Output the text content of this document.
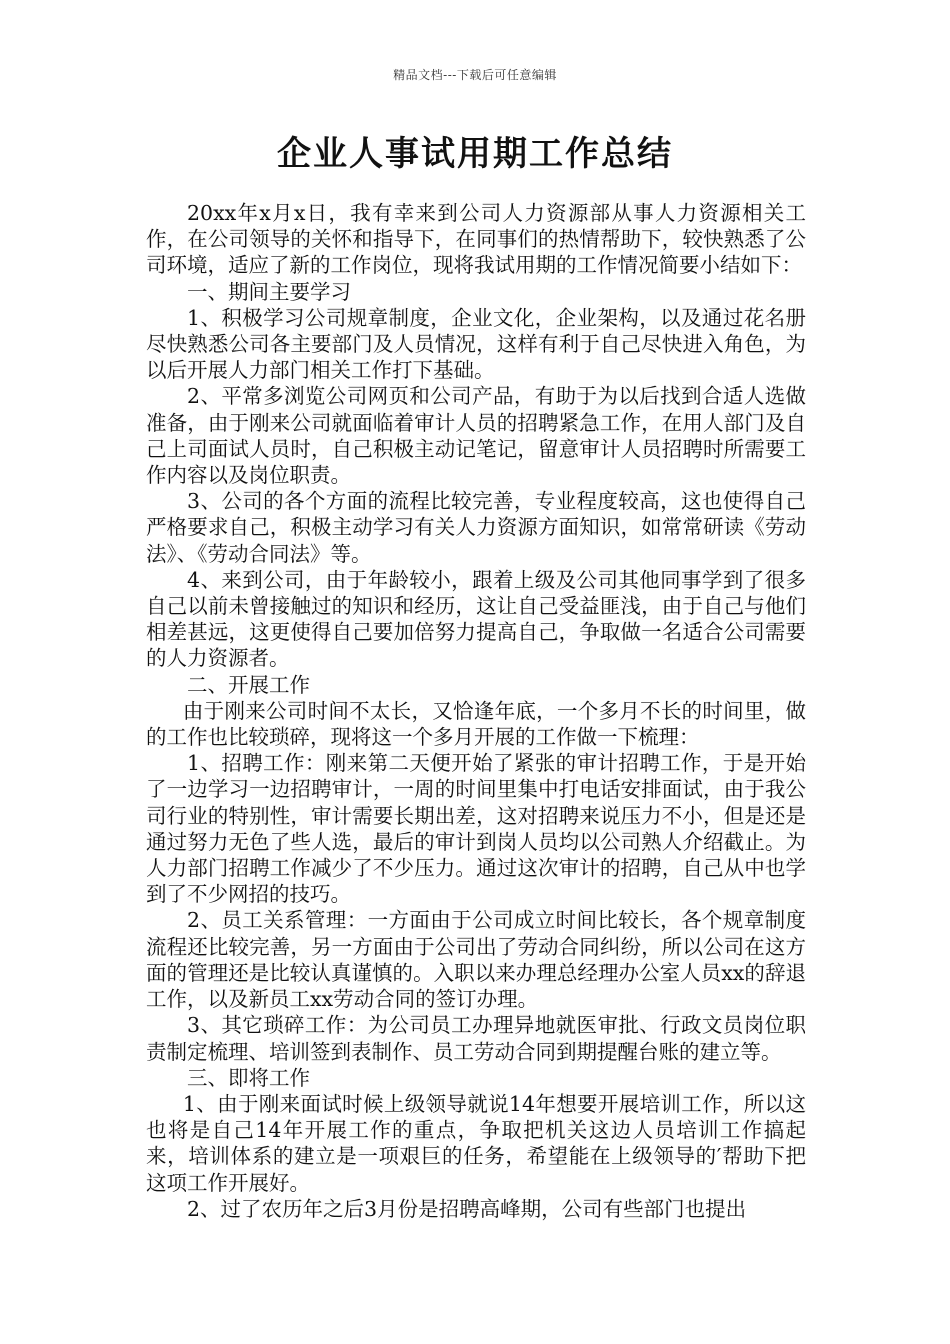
精品文档---下载后可任意编辑
企业人事试用期工作总结

20xx年x月x日，我有幸来到公司人力资源部从事人力资源相关工作，在公司领导的关怀和指导下，在同事们的热情帮助下，较快熟悉了公司环境，适应了新的工作岗位，现将我试用期的工作情况简要小结如下：

一、期间主要学习

1、积极学习公司规章制度，企业文化，企业架构，以及通过花名册尽快熟悉公司各主要部门及人员情况，这样有利于自己尽快进入角色，为以后开展人力部门相关工作打下基础。

2、平常多浏览公司网页和公司产品，有助于为以后找到合适人选做准备，由于刚来公司就面临着审计人员的招聘紧急工作，在用人部门及自己上司面试人员时，自己积极主动记笔记，留意审计人员招聘时所需要工作内容以及岗位职责。

3、公司的各个方面的流程比较完善，专业程度较高，这也使得自己严格要求自己，积极主动学习有关人力资源方面知识，如常常研读《劳动法》、《劳动合同法》等。

4、来到公司，由于年龄较小，跟着上级及公司其他同事学到了很多自己以前未曾接触过的知识和经历，这让自己受益匪浅，由于自己与他们相差甚远，这更使得自己要加倍努力提高自己，争取做一名适合公司需要的人力资源者。

二、开展工作

由于刚来公司时间不太长，又恰逢年底，一个多月不长的时间里，做的工作也比较琐碎，现将这一个多月开展的工作做一下梳理：

1、招聘工作：刚来第二天便开始了紧张的审计招聘工作，于是开始了一边学习一边招聘审计，一周的时间里集中打电话安排面试，由于我公司行业的特别性，审计需要长期出差，这对招聘来说压力不小，但是还是通过努力无色了些人选，最后的审计到岗人员均以公司熟人介绍截止。为人力部门招聘工作减少了不少压力。通过这次审计的招聘，自己从中也学到了不少网招的技巧。

2、员工关系管理：一方面由于公司成立时间比较长，各个规章制度流程还比较完善，另一方面由于公司出了劳动合同纠纷，所以公司在这方面的管理还是比较认真谨慎的。入职以来办理总经理办公室人员xx的辞退工作，以及新员工xx劳动合同的签订办理。

3、其它琐碎工作：为公司员工办理异地就医审批、行政文员岗位职责制定梳理、培训签到表制作、员工劳动合同到期提醒台账的建立等。

三、即将工作

1、由于刚来面试时候上级领导就说14年想要开展培训工作，所以这也将是自己14年开展工作的重点，争取把机关这边人员培训工作搞起来，培训体系的建立是一项艰巨的任务，希望能在上级领导的′帮助下把这项工作开展好。

2、过了农历年之后3月份是招聘高峰期，公司有些部门也提出
